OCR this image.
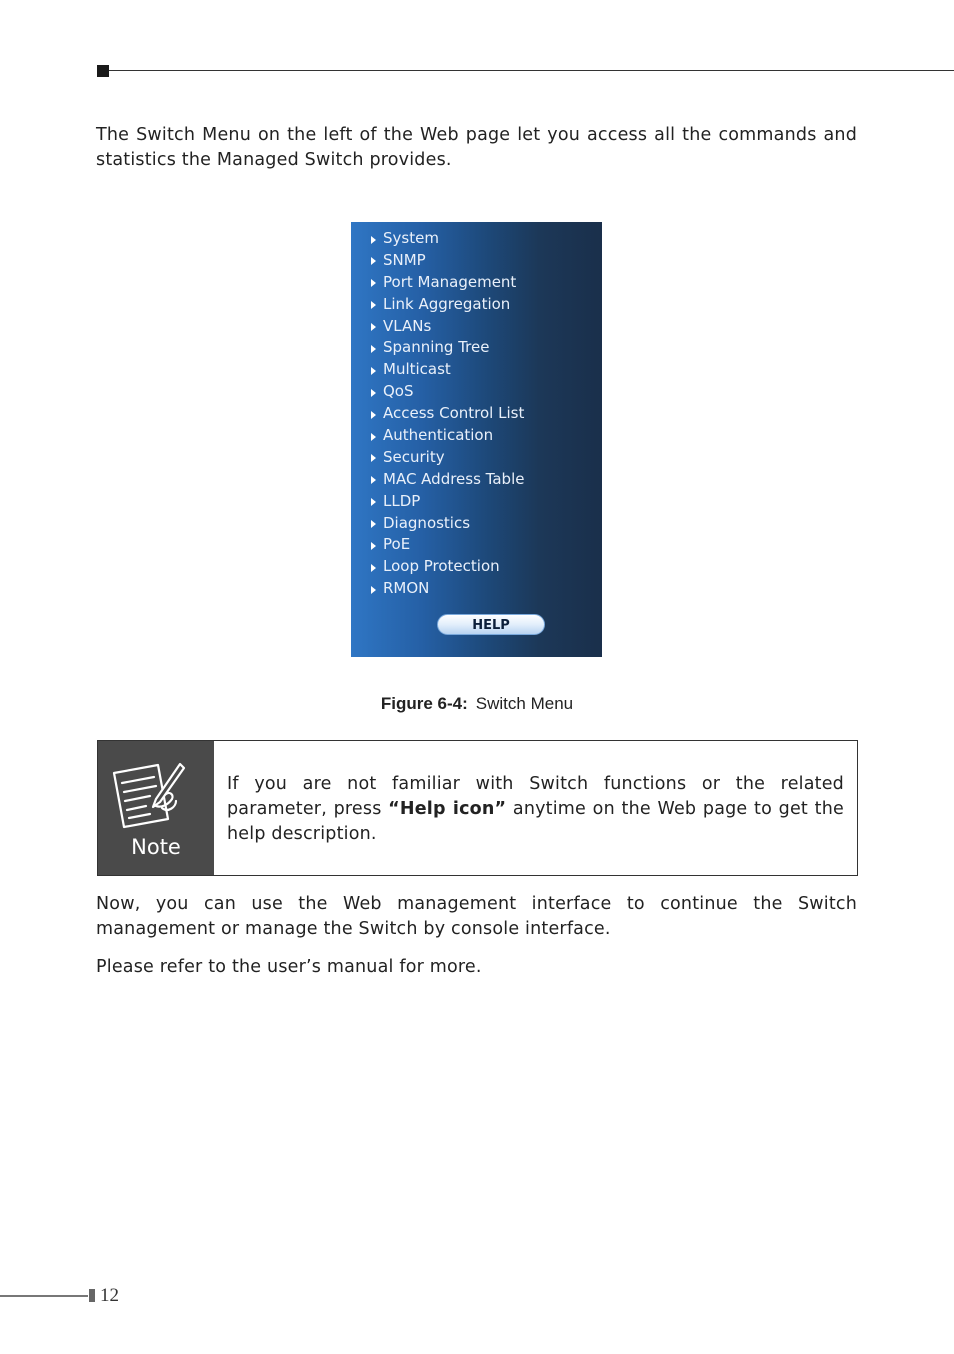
The Switch Menu on the left of the Web page let you access all the commands and statistics the Managed Switch provides.

System
SNMP
Port Management
Link Aggregation
VLANs
Spanning Tree
Multicast
QoS
Access Control List
Authentication
Security
MAC Address Table
LLDP
Diagnostics
PoE
Loop Protection
RMON
HELP
Figure 6-4: Switch Menu
Note

If you are not familiar with Switch functions or the related parameter, press “Help icon” anytime on the Web page to get the help description.

Now, you can use the Web management interface to continue the Switch management or manage the Switch by console interface.

Please refer to the user’s manual for more.

12
